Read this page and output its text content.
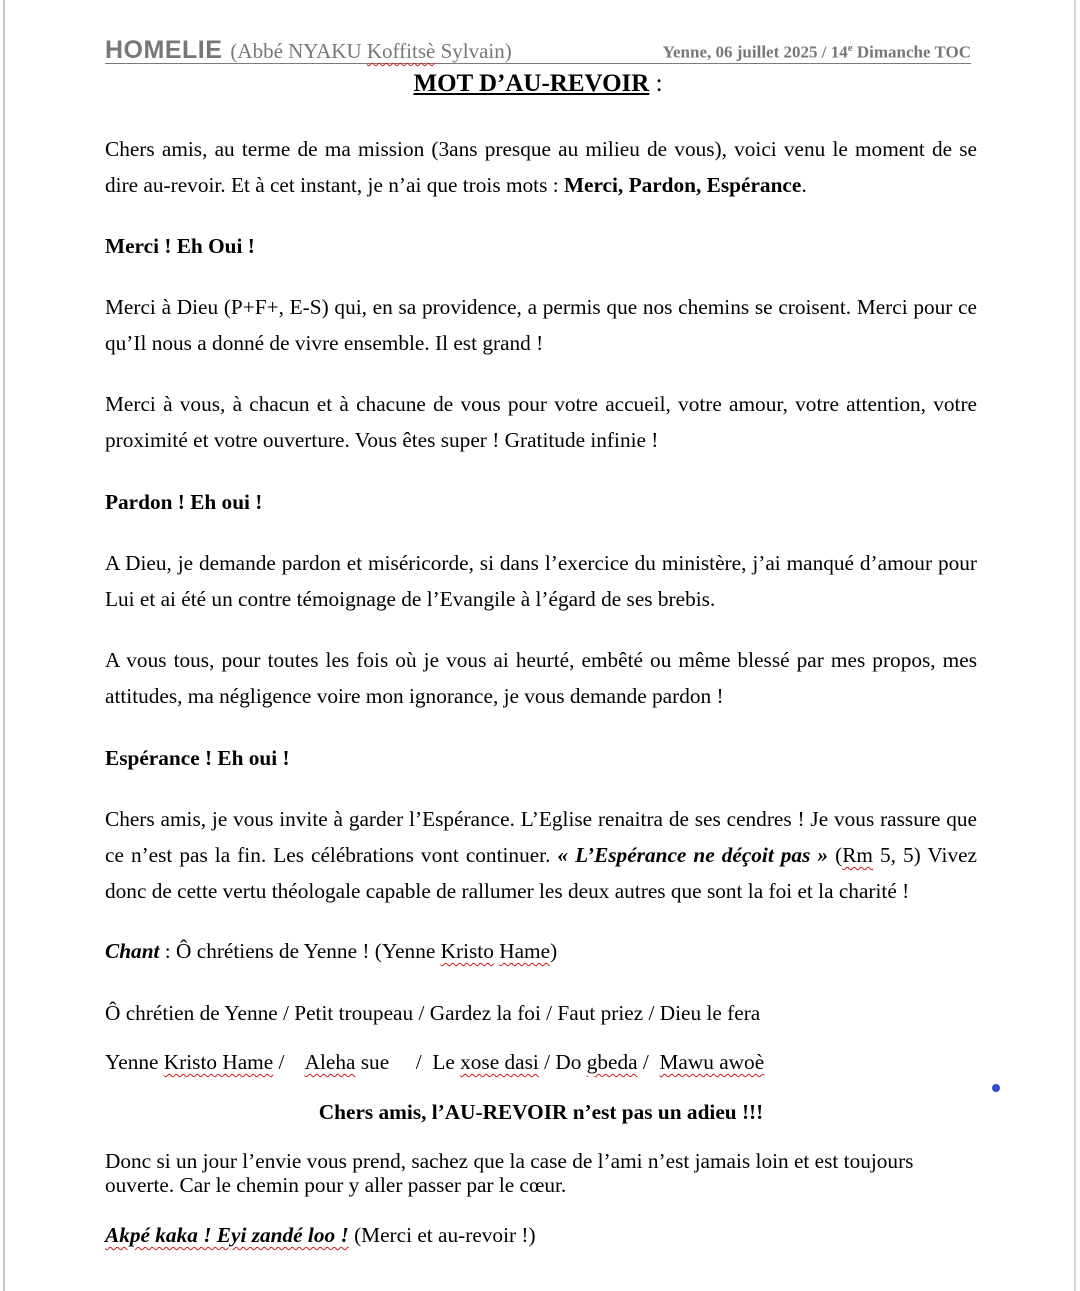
HOMELIE (Abbé NYAKU Koffitsè Sylvain)	Yenne, 06 juillet 2025 / 14e Dimanche TOC
MOT D’AU-REVOIR :
Chers amis, au terme de ma mission (3ans presque au milieu de vous), voici venu le moment de se dire au-revoir. Et à cet instant, je n’ai que trois mots : Merci, Pardon, Espérance.
Merci ! Eh Oui !
Merci à Dieu (P+F+, E-S) qui, en sa providence, a permis que nos chemins se croisent. Merci pour ce qu’Il nous a donné de vivre ensemble. Il est grand !
Merci à vous, à chacun et à chacune de vous pour votre accueil, votre amour, votre attention, votre proximité et votre ouverture. Vous êtes super ! Gratitude infinie !
Pardon ! Eh oui !
A Dieu, je demande pardon et miséricorde, si dans l’exercice du ministère, j’ai manqué d’amour pour Lui et ai été un contre témoignage de l’Evangile à l’égard de ses brebis.
A vous tous, pour toutes les fois où je vous ai heurté, embêté ou même blessé par mes propos, mes attitudes, ma négligence voire mon ignorance, je vous demande pardon !
Espérance ! Eh oui !
Chers amis, je vous invite à garder l’Espérance. L’Eglise renaitra de ses cendres ! Je vous rassure que ce n’est pas la fin. Les célébrations vont continuer. « L’Espérance ne déçoit pas » (Rm 5, 5) Vivez donc de cette vertu théologale capable de rallumer les deux autres que sont la foi et la charité !
Chant : Ô chrétiens de Yenne ! (Yenne Kristo Hame)
Ô chrétien de Yenne / Petit troupeau / Gardez la foi / Faut priez / Dieu le fera
Yenne Kristo Hame /    Aleha sue     /  Le xose dasi / Do gbeda /  Mawu awoè
Chers amis, l’AU-REVOIR n’est pas un adieu !!!
Donc si un jour l’envie vous prend, sachez que la case de l’ami n’est jamais loin et est toujours ouverte. Car le chemin pour y aller passer par le cœur.
Akpé kaka ! Eyi zandé loo ! (Merci et au-revoir !)
